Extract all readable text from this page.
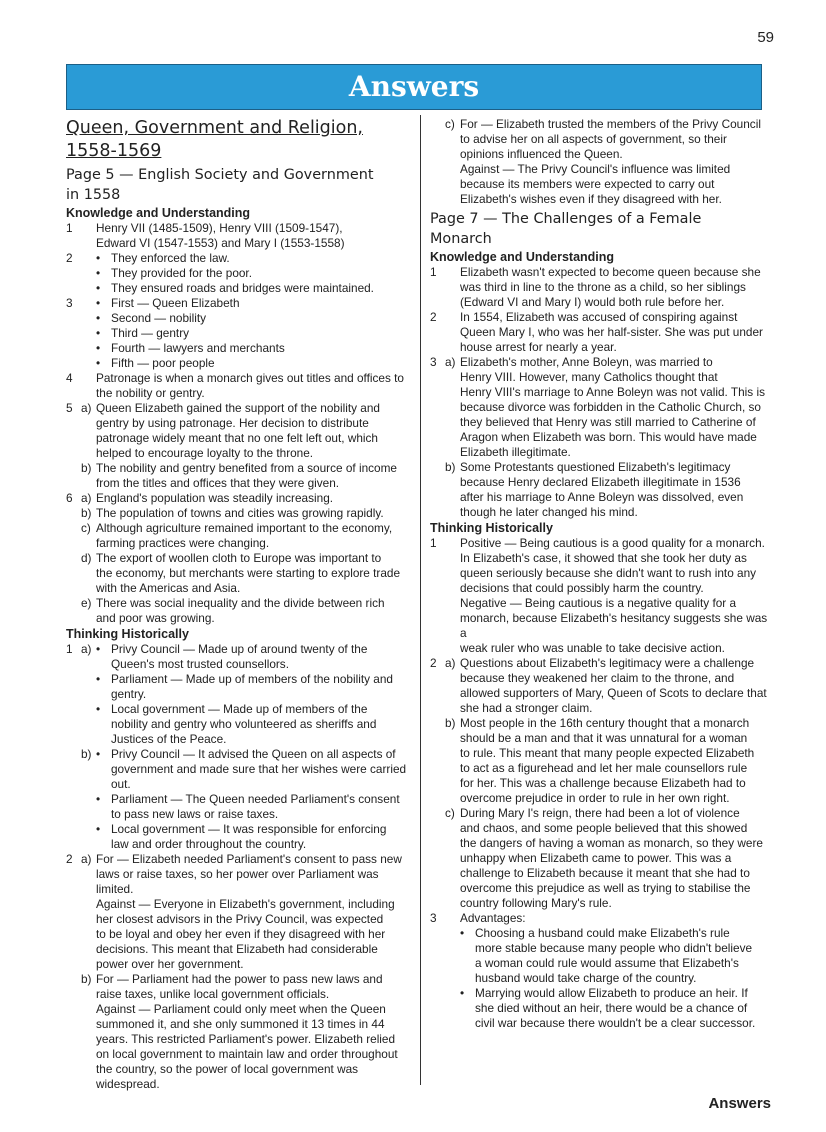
59
Answers
Queen, Government and Religion,
1558-1569
Page 5 — English Society and Government
in 1558
Knowledge and Understanding
1	Henry VII (1485-1509), Henry VIII (1509-1547),
Edward VI (1547-1553) and Mary I (1553-1558)
2	• They enforced the law.
• They provided for the poor.
• They ensured roads and bridges were maintained.
3	• First — Queen Elizabeth
• Second — nobility
• Third — gentry
• Fourth — lawyers and merchants
• Fifth — poor people
4	Patronage is when a monarch gives out titles and offices to
the nobility or gentry.
5 a) Queen Elizabeth gained the support of the nobility and
gentry by using patronage. Her decision to distribute
patronage widely meant that no one felt left out, which
helped to encourage loyalty to the throne.
b) The nobility and gentry benefited from a source of income
from the titles and offices that they were given.
6 a) England's population was steadily increasing.
b) The population of towns and cities was growing rapidly.
c) Although agriculture remained important to the economy,
farming practices were changing.
d) The export of woollen cloth to Europe was important to
the economy, but merchants were starting to explore trade
with the Americas and Asia.
e) There was social inequality and the divide between rich
and poor was growing.
Thinking Historically
1 a) • Privy Council — Made up of around twenty of the
Queen's most trusted counsellors.
• Parliament — Made up of members of the nobility and
gentry.
• Local government — Made up of members of the
nobility and gentry who volunteered as sheriffs and
Justices of the Peace.
b) • Privy Council — It advised the Queen on all aspects of
government and made sure that her wishes were carried
out.
• Parliament — The Queen needed Parliament's consent
to pass new laws or raise taxes.
• Local government — It was responsible for enforcing
law and order throughout the country.
2 a) For — Elizabeth needed Parliament's consent to pass new
laws or raise taxes, so her power over Parliament was
limited.
Against — Everyone in Elizabeth's government, including
her closest advisors in the Privy Council, was expected
to be loyal and obey her even if they disagreed with her
decisions. This meant that Elizabeth had considerable
power over her government.
b) For — Parliament had the power to pass new laws and
raise taxes, unlike local government officials.
Against — Parliament could only meet when the Queen
summoned it, and she only summoned it 13 times in 44
years. This restricted Parliament's power. Elizabeth relied
on local government to maintain law and order throughout
the country, so the power of local government was
widespread.
c) For — Elizabeth trusted the members of the Privy Council
to advise her on all aspects of government, so their
opinions influenced the Queen.
Against — The Privy Council's influence was limited
because its members were expected to carry out
Elizabeth's wishes even if they disagreed with her.
Page 7 — The Challenges of a Female
Monarch
Knowledge and Understanding
1	Elizabeth wasn't expected to become queen because she
was third in line to the throne as a child, so her siblings
(Edward VI and Mary I) would both rule before her.
2	In 1554, Elizabeth was accused of conspiring against
Queen Mary I, who was her half-sister. She was put under
house arrest for nearly a year.
3 a) Elizabeth's mother, Anne Boleyn, was married to
Henry VIII. However, many Catholics thought that
Henry VIII's marriage to Anne Boleyn was not valid. This is
because divorce was forbidden in the Catholic Church, so
they believed that Henry was still married to Catherine of
Aragon when Elizabeth was born. This would have made
Elizabeth illegitimate.
b) Some Protestants questioned Elizabeth's legitimacy
because Henry declared Elizabeth illegitimate in 1536
after his marriage to Anne Boleyn was dissolved, even
though he later changed his mind.
Thinking Historically
1	Positive — Being cautious is a good quality for a monarch.
In Elizabeth's case, it showed that she took her duty as
queen seriously because she didn't want to rush into any
decisions that could possibly harm the country.
Negative — Being cautious is a negative quality for a
monarch, because Elizabeth's hesitancy suggests she was a
weak ruler who was unable to take decisive action.
2 a) Questions about Elizabeth's legitimacy were a challenge
because they weakened her claim to the throne, and
allowed supporters of Mary, Queen of Scots to declare that
she had a stronger claim.
b) Most people in the 16th century thought that a monarch
should be a man and that it was unnatural for a woman
to rule. This meant that many people expected Elizabeth
to act as a figurehead and let her male counsellors rule
for her. This was a challenge because Elizabeth had to
overcome prejudice in order to rule in her own right.
c) During Mary I's reign, there had been a lot of violence
and chaos, and some people believed that this showed
the dangers of having a woman as monarch, so they were
unhappy when Elizabeth came to power. This was a
challenge to Elizabeth because it meant that she had to
overcome this prejudice as well as trying to stabilise the
country following Mary's rule.
3	Advantages:
• Choosing a husband could make Elizabeth's rule
more stable because many people who didn't believe
a woman could rule would assume that Elizabeth's
husband would take charge of the country.
• Marrying would allow Elizabeth to produce an heir. If
she died without an heir, there would be a chance of
civil war because there wouldn't be a clear successor.
Answers
